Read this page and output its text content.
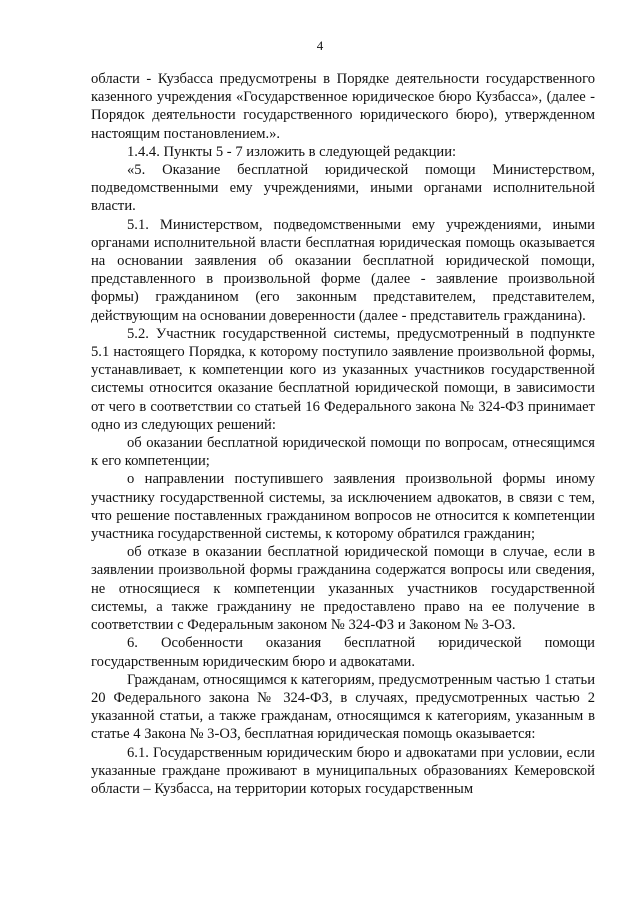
4

области - Кузбасса предусмотрены в Порядке деятельности государственного казенного учреждения «Государственное юридическое бюро Кузбасса», (далее - Порядок деятельности государственного юридического бюро), утвержденном настоящим постановлением.».

1.4.4. Пункты 5 - 7 изложить в следующей редакции:

«5. Оказание бесплатной юридической помощи Министерством, подведомственными ему учреждениями, иными органами исполнительной власти.

5.1. Министерством, подведомственными ему учреждениями, иными органами исполнительной власти бесплатная юридическая помощь оказывается на основании заявления об оказании бесплатной юридической помощи, представленного в произвольной форме (далее - заявление произвольной формы) гражданином (его законным представителем, представителем, действующим на основании доверенности (далее - представитель гражданина).

5.2. Участник государственной системы, предусмотренный в подпункте 5.1 настоящего Порядка, к которому поступило заявление произвольной формы, устанавливает, к компетенции кого из указанных участников государственной системы относится оказание бесплатной юридической помощи, в зависимости от чего в соответствии со статьей 16 Федерального закона № 324-ФЗ принимает одно из следующих решений:

об оказании бесплатной юридической помощи по вопросам, отнесящимся к его компетенции;

о направлении поступившего заявления произвольной формы иному участнику государственной системы, за исключением адвокатов, в связи с тем, что решение поставленных гражданином вопросов не относится к компетенции участника государственной системы, к которому обратился гражданин;

об отказе в оказании бесплатной юридической помощи в случае, если в заявлении произвольной формы гражданина содержатся вопросы или сведения, не относящиеся к компетенции указанных участников государственной системы, а также гражданину не предоставлено право на ее получение в соответствии с Федеральным законом № 324-ФЗ и Законом № 3-ОЗ.

6. Особенности оказания бесплатной юридической помощи государственным юридическим бюро и адвокатами.

Гражданам, относящимся к категориям, предусмотренным частью 1 статьи 20 Федерального закона № 324-ФЗ, в случаях, предусмотренных частью 2 указанной статьи, а также гражданам, относящимся к категориям, указанным в статье 4 Закона № 3-ОЗ, бесплатная юридическая помощь оказывается:

6.1. Государственным юридическим бюро и адвокатами при условии, если указанные граждане проживают в муниципальных образованиях Кемеровской области – Кузбасса, на территории которых государственным
